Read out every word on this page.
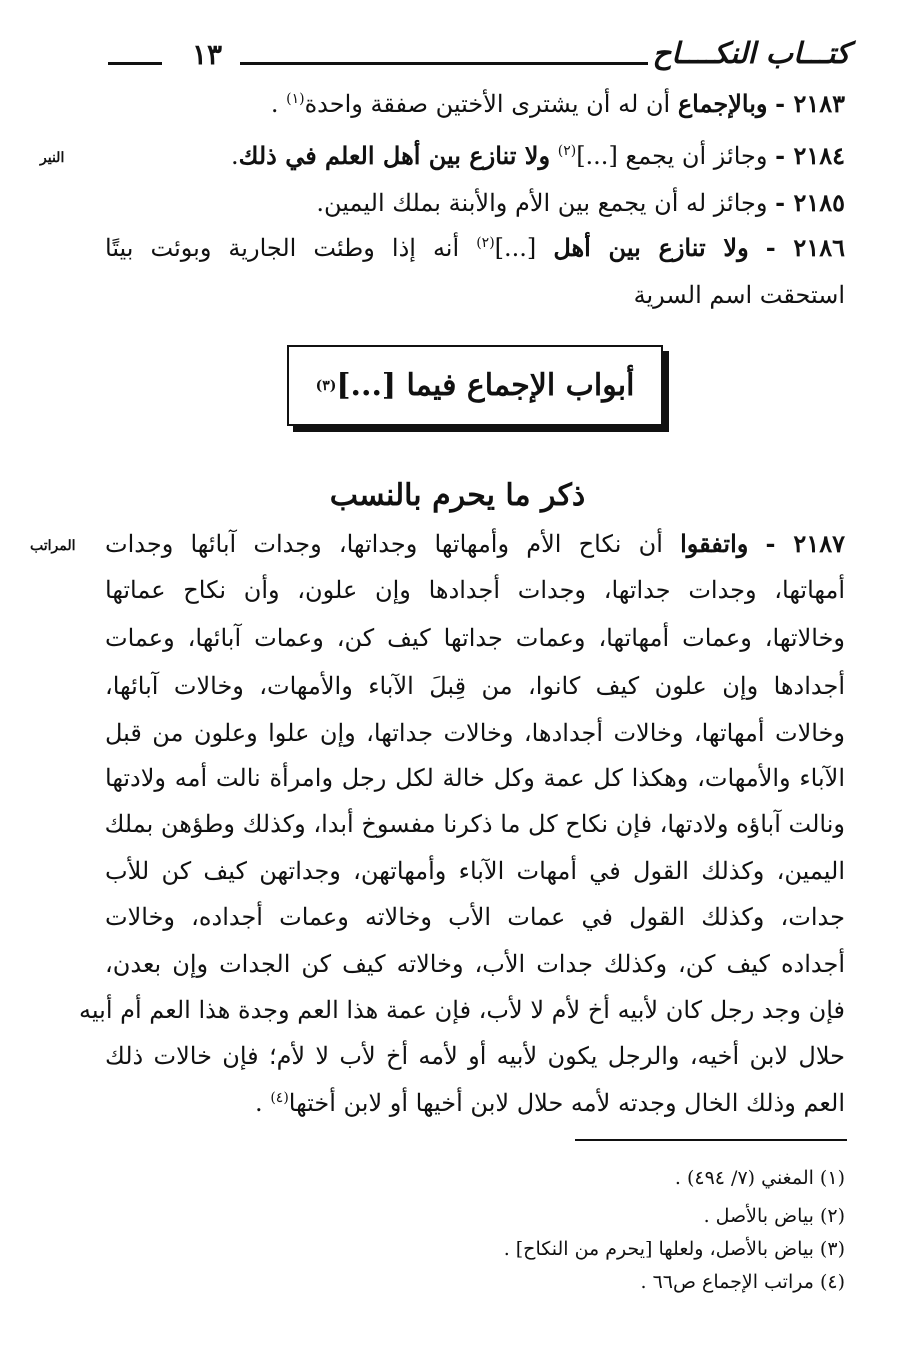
١٣	كتـــاب النكــــاح
٢١٨٣ - وبالإجماع أن له أن يشترى الأختين صفقة واحدة$^{(١)}$ .
٢١٨٤ - وجائز أن يجمع [...]$^{(٢)}$ ولا تنازع بين أهل العلم في ذلك.
النير
٢١٨٥ - وجائز له أن يجمع بين الأم والأبنة بملك اليمين.
٢١٨٦ - ولا تنازع بين أهل [...]$^{(٢)}$ أنه إذا وطئت الجارية وبوئت بيتًا
استحقت اسم السرية
أبواب الإجماع فيما [...]
(٣)
ذكر ما يحرم بالنسب
٢١٨٧ - واتفقوا أن نكاح الأم وأمهاتها وجداتها، وجدات آبائها وجدات
المراتب
أمهاتها، وجدات جداتها، وجدات أجدادها وإن علون، وأن نكاح عماتها
وخالاتها، وعمات أمهاتها، وعمات جداتها كيف كن، وعمات آبائها، وعمات
أجدادها وإن علون كيف كانوا، من قِبلَ الآباء والأمهات، وخالات آبائها،
وخالات أمهاتها، وخالات أجدادها، وخالات جداتها، وإن علوا وعلون من قبل
الآباء والأمهات، وهكذا كل عمة وكل خالة لكل رجل وامرأة نالت أمه ولادتها
ونالت آباؤه ولادتها، فإن نكاح كل ما ذكرنا مفسوخ أبدا، وكذلك وطؤهن بملك
اليمين، وكذلك القول في أمهات الآباء وأمهاتهن، وجداتهن كيف كن للأب
جدات، وكذلك القول في عمات الأب وخالاته وعمات أجداده، وخالات
أجداده كيف كن، وكذلك جدات الأب، وخالاته كيف كن الجدات وإن بعدن،
فإن وجد رجل كان لأبيه أخ لأم لا لأب، فإن عمة هذا العم وجدة هذا العم أم أبيه
حلال لابن أخيه، والرجل يكون لأبيه أو لأمه أخ لأب لا لأم؛ فإن خالات ذلك
العم وذلك الخال وجدته لأمه حلال لابن أخيها أو لابن أختها$^{(٤)}$ .
(١) المغني (٧/ ٤٩٤) .
(٢) بياض بالأصل .
(٣) بياض بالأصل، ولعلها [يحرم من النكاح] .
(٤) مراتب الإجماع ص٦٦ .
